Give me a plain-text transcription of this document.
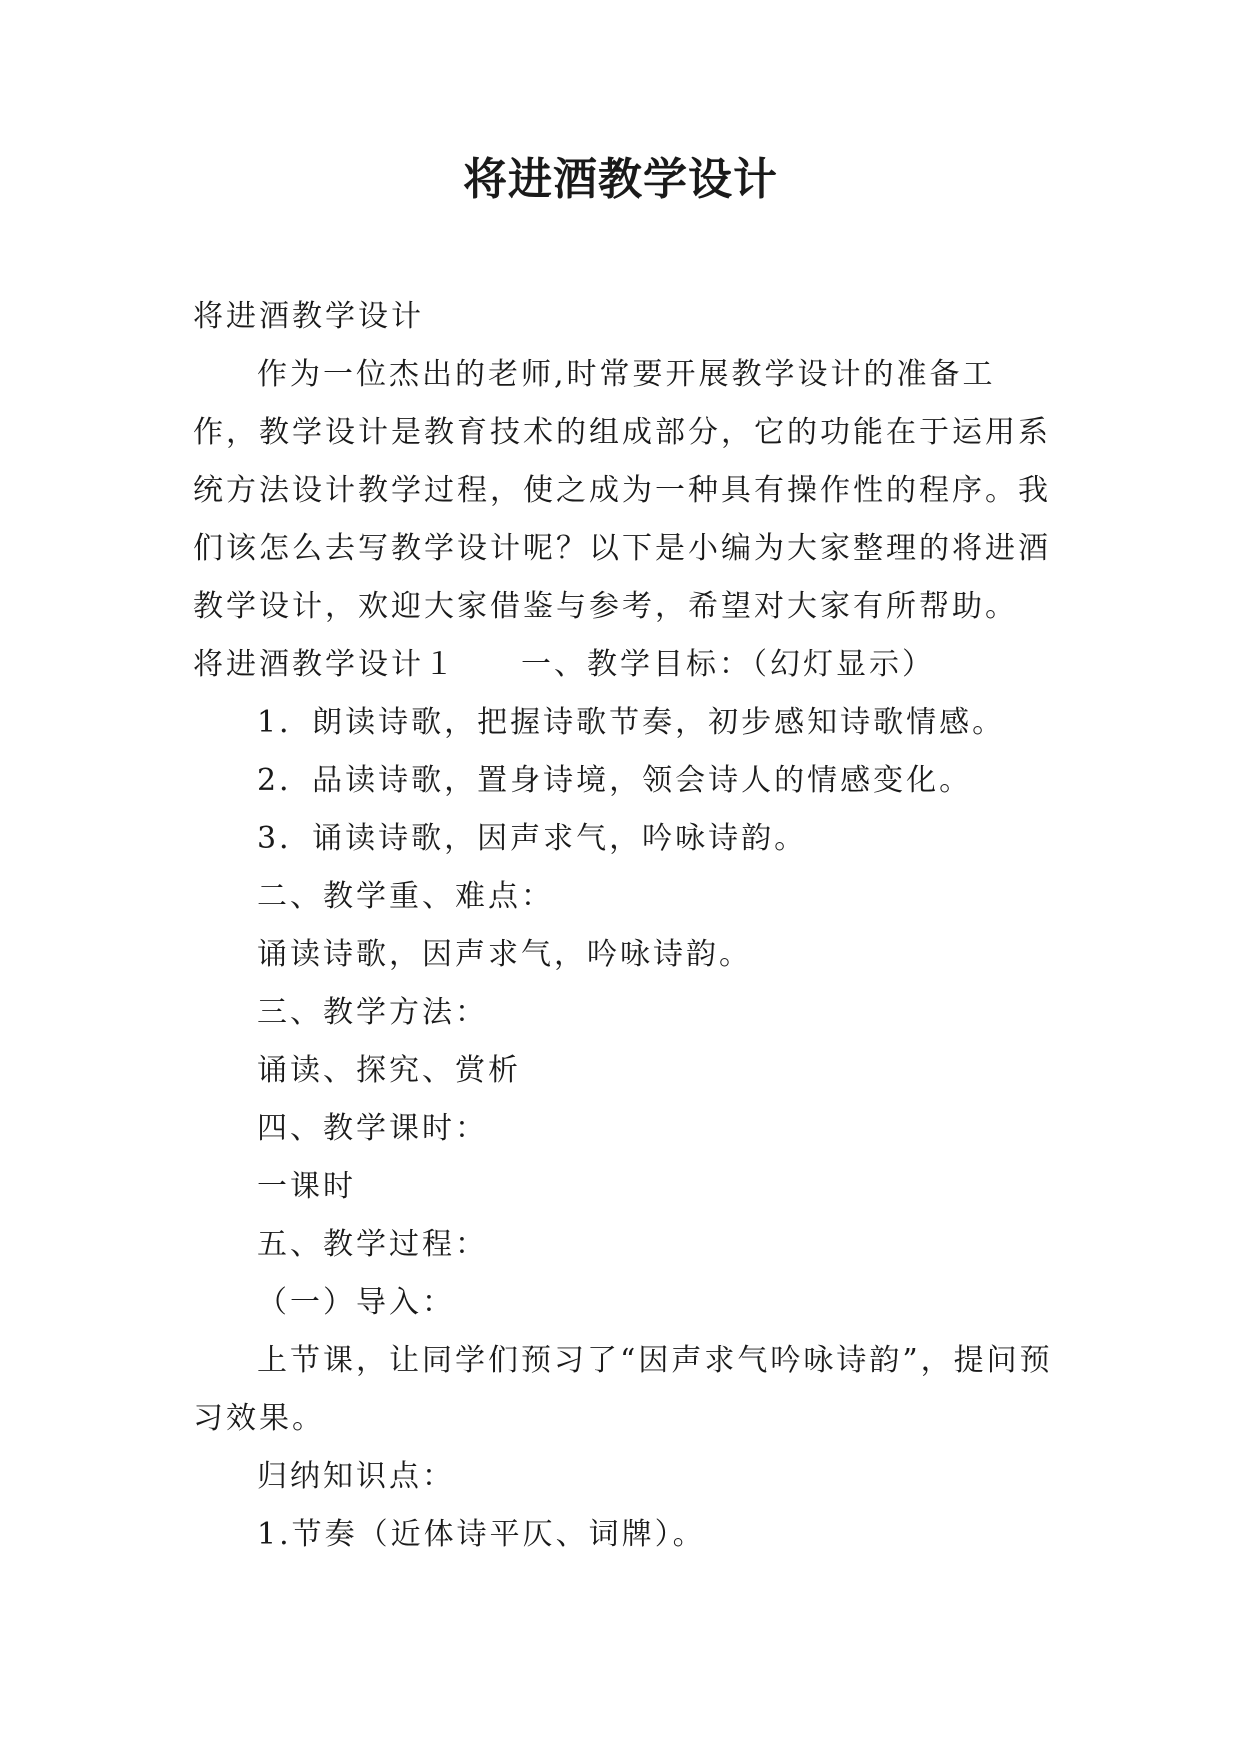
将进酒教学设计

将进酒教学设计

作为一位杰出的老师,时常要开展教学设计的准备工作，教学设计是教育技术的组成部分，它的功能在于运用系统方法设计教学过程，使之成为一种具有操作性的程序。我们该怎么去写教学设计呢？以下是小编为大家整理的将进酒教学设计，欢迎大家借鉴与参考，希望对大家有所帮助。

将进酒教学设计１ 一、教学目标：（幻灯显示）

1．朗读诗歌，把握诗歌节奏，初步感知诗歌情感。

2．品读诗歌，置身诗境，领会诗人的情感变化。

3．诵读诗歌，因声求气，吟咏诗韵。

二、教学重、难点：

诵读诗歌，因声求气，吟咏诗韵。

三、教学方法：

诵读、探究、赏析

四、教学课时：

一课时

五、教学过程：

（一）导入：

上节课，让同学们预习了“因声求气吟咏诗韵”，提问预习效果。

归纳知识点：

1.节奏（近体诗平仄、词牌）。
